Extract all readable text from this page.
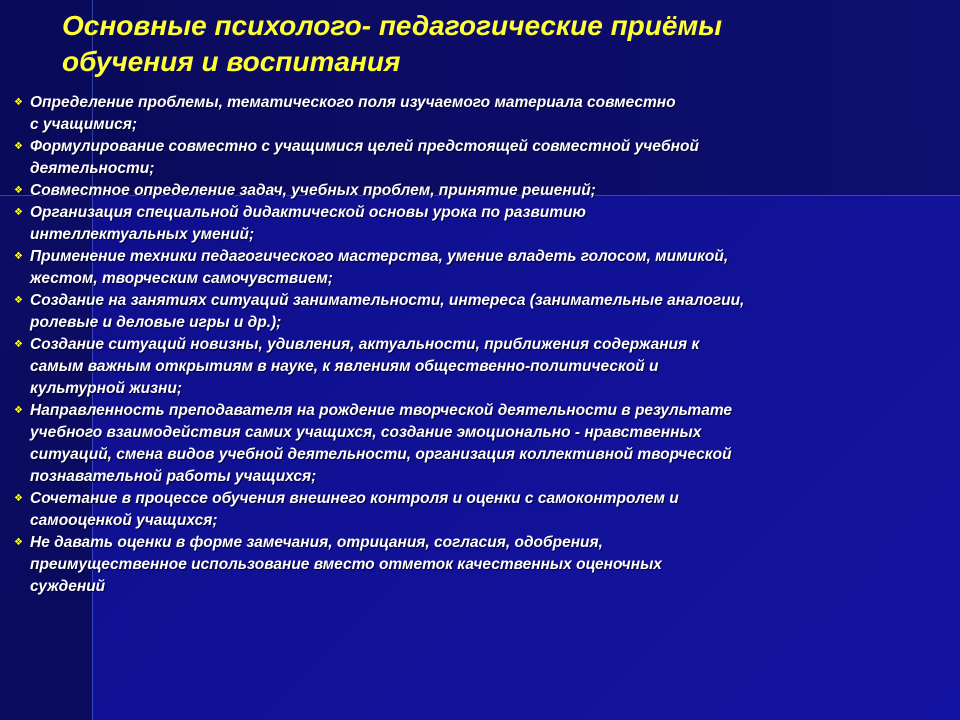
Основные психолого- педагогические приёмы
обучения и воспитания
❖ Определение проблемы, тематического поля изучаемого материала совместно
с учащимися;
❖ Формулирование совместно с учащимися целей предстоящей совместной учебной
деятельности;
❖ Совместное определение задач, учебных проблем, принятие решений;
❖ Организация специальной дидактической основы урока по развитию
интеллектуальных умений;
❖ Применение техники педагогического мастерства, умение владеть голосом, мимикой,
жестом, творческим самочувствием;
❖ Создание на занятиях ситуаций занимательности, интереса (занимательные аналогии,
ролевые и деловые игры и др.);
❖ Создание ситуаций новизны, удивления, актуальности, приближения содержания к
самым важным открытиям в науке, к явлениям общественно-политической и
культурной жизни;
❖ Направленность преподавателя на рождение творческой деятельности в результате
учебного взаимодействия самих учащихся, создание эмоционально - нравственных
ситуаций, смена видов учебной деятельности, организация коллективной творческой
познавательной работы учащихся;
❖ Сочетание в процессе обучения внешнего контроля и оценки с самоконтролем и
самооценкой учащихся;
❖ Не давать оценки в форме замечания, отрицания, согласия, одобрения,
преимущественное использование вместо отметок качественных оценочных
суждений
